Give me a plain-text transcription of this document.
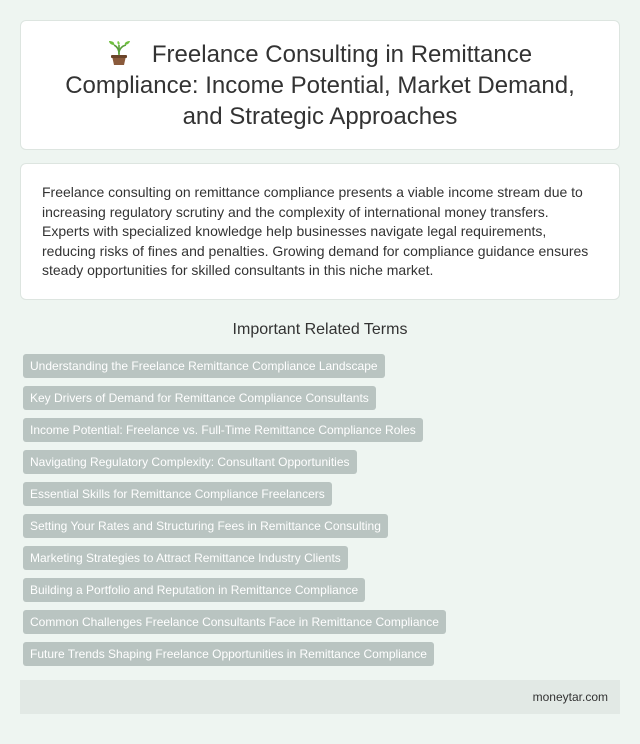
Freelance Consulting in Remittance Compliance: Income Potential, Market Demand, and Strategic Approaches

Freelance consulting on remittance compliance presents a viable income stream due to increasing regulatory scrutiny and the complexity of international money transfers. Experts with specialized knowledge help businesses navigate legal requirements, reducing risks of fines and penalties. Growing demand for compliance guidance ensures steady opportunities for skilled consultants in this niche market.

Important Related Terms
Understanding the Freelance Remittance Compliance Landscape
Key Drivers of Demand for Remittance Compliance Consultants
Income Potential: Freelance vs. Full-Time Remittance Compliance Roles
Navigating Regulatory Complexity: Consultant Opportunities
Essential Skills for Remittance Compliance Freelancers
Setting Your Rates and Structuring Fees in Remittance Consulting
Marketing Strategies to Attract Remittance Industry Clients
Building a Portfolio and Reputation in Remittance Compliance
Common Challenges Freelance Consultants Face in Remittance Compliance
Future Trends Shaping Freelance Opportunities in Remittance Compliance
moneytar.com
